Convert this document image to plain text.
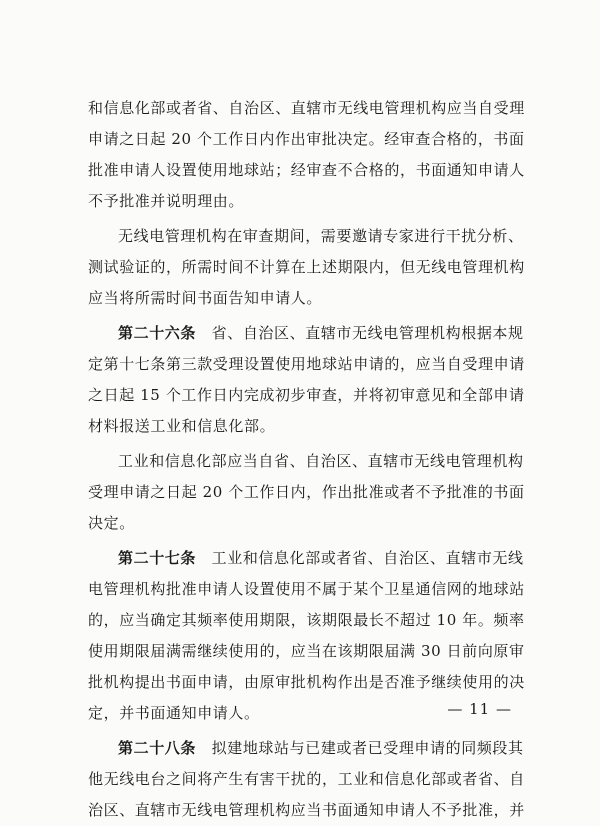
和信息化部或者省、自治区、直辖市无线电管理机构应当自受理
申请之日起 20 个工作日内作出审批决定。经审查合格的，书面
批准申请人设置使用地球站；经审查不合格的，书面通知申请人
不予批准并说明理由。
无线电管理机构在审查期间，需要邀请专家进行干扰分析、
测试验证的，所需时间不计算在上述期限内，但无线电管理机构
应当将所需时间书面告知申请人。
第二十六条　 省、自治区、直辖市无线电管理机构根据本规
定第十七条第三款受理设置使用地球站申请的，应当自受理申请
之日起 15 个工作日内完成初步审查，并将初审意见和全部申请
材料报送工业和信息化部。
工业和信息化部应当自省、自治区、直辖市无线电管理机构
受理申请之日起 20 个工作日内，作出批准或者不予批准的书面
决定。
第二十七条　 工业和信息化部或者省、自治区、直辖市无线
电管理机构批准申请人设置使用不属于某个卫星通信网的地球站
的，应当确定其频率使用期限，该期限最长不超过 10 年。频率
使用期限届满需继续使用的，应当在该期限届满 30 日前向原审
批机构提出书面申请，由原审批机构作出是否准予继续使用的决
定，并书面通知申请人。
第二十八条　 拟建地球站与已建或者已受理申请的同频段其
他无线电台之间将产生有害干扰的，工业和信息化部或者省、自
治区、直辖市无线电管理机构应当书面通知申请人不予批准，并
— 11 —
